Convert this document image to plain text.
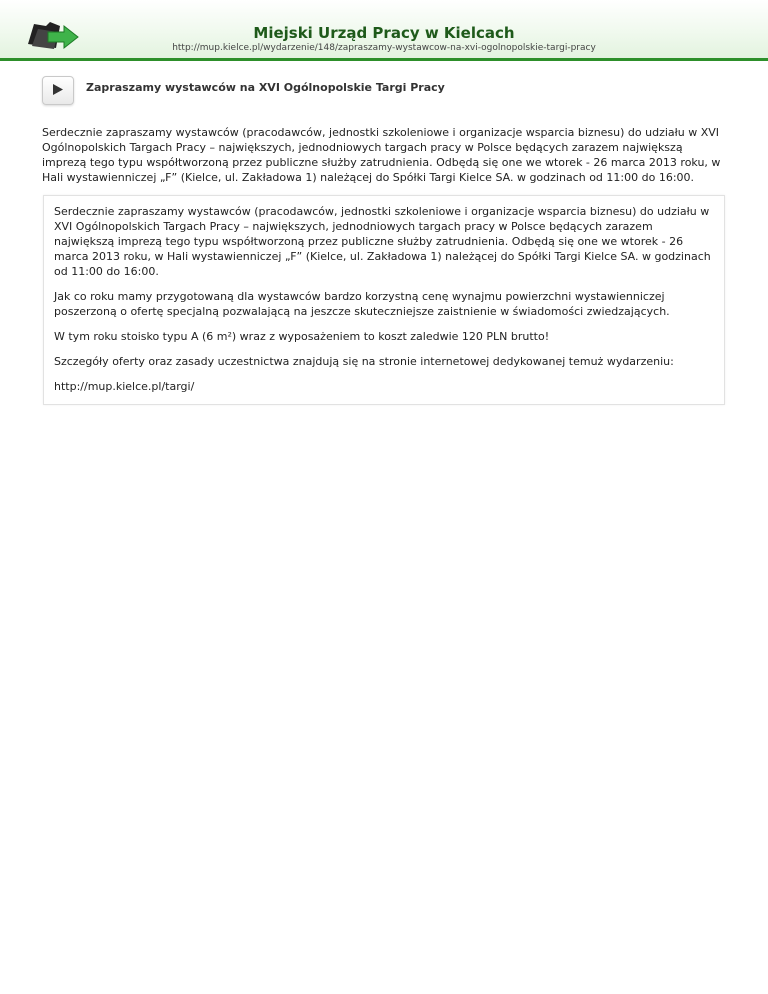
Miejski Urząd Pracy w Kielcach
http://mup.kielce.pl/wydarzenie/148/zapraszamy-wystawcow-na-xvi-ogolnopolskie-targi-pracy
Zapraszamy wystawców na XVI Ogólnopolskie Targi Pracy
Serdecznie zapraszamy wystawców (pracodawców, jednostki szkoleniowe i organizacje wsparcia biznesu) do udziału w XVI Ogólnopolskich Targach Pracy – największych, jednodniowych targach pracy w Polsce będących zarazem największą imprezą tego typu współtworzoną przez publiczne służby zatrudnienia. Odbędą się one we wtorek - 26 marca 2013 roku, w Hali wystawienniczej „F” (Kielce, ul. Zakładowa 1) należącej do Spółki Targi Kielce SA. w godzinach od 11:00 do 16:00.

Serdecznie zapraszamy wystawców (pracodawców, jednostki szkoleniowe i organizacje wsparcia biznesu) do udziału w XVI Ogólnopolskich Targach Pracy – największych, jednodniowych targach pracy w Polsce będących zarazem największą imprezą tego typu współtworzoną przez publiczne służby zatrudnienia. Odbędą się one we wtorek - 26 marca 2013 roku, w Hali wystawienniczej „F” (Kielce, ul. Zakładowa 1) należącej do Spółki Targi Kielce SA. w godzinach od 11:00 do 16:00.

Jak co roku mamy przygotowaną dla wystawców bardzo korzystną cenę wynajmu powierzchni wystawienniczej poszerzoną o ofertę specjalną pozwalającą na jeszcze skuteczniejsze zaistnienie w świadomości zwiedzających.

W tym roku stoisko typu A (6 m²) wraz z wyposażeniem to koszt zaledwie 120 PLN brutto!

Szczegóły oferty oraz zasady uczestnictwa znajdują się na stronie internetowej dedykowanej temuż wydarzeniu:

http://mup.kielce.pl/targi/
